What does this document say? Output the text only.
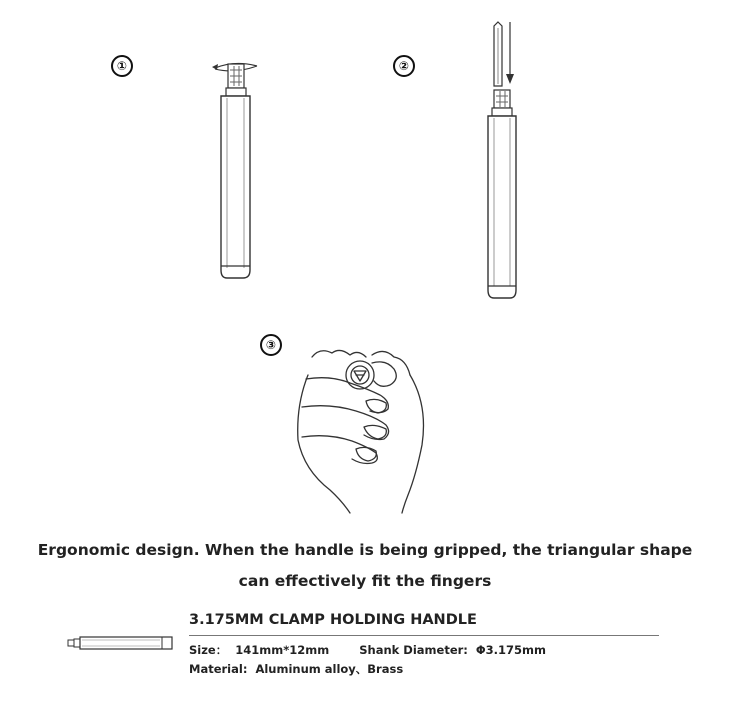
①	②
③
Ergonomic design. When the handle is being gripped, the triangular shape
can effectively fit the fingers
3.175MM CLAMP HOLDING HANDLE
Size： 141mm*12mm	Shank Diameter: Φ3.175mm
Material: Aluminum alloy、Brass
